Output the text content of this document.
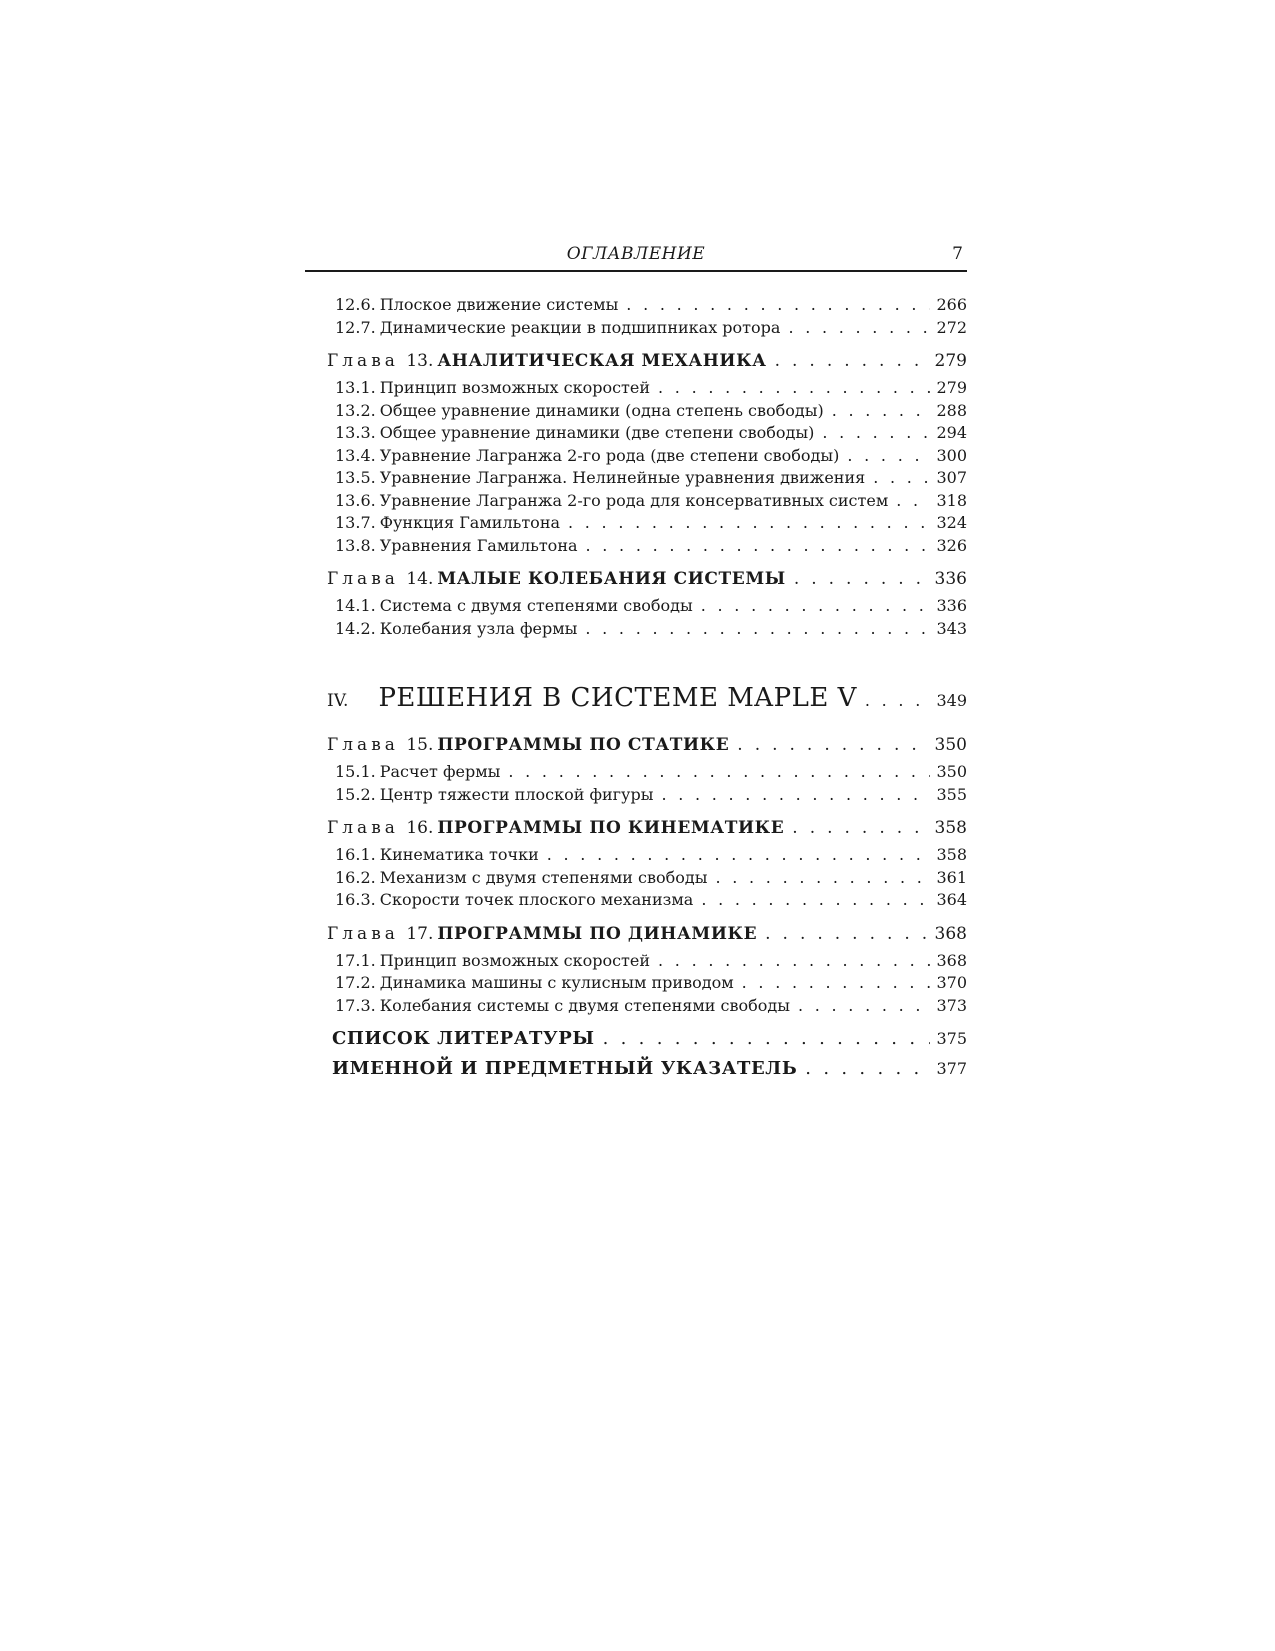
ОГЛАВЛЕНИЕ	7
12.6. Плоское движение системы . . .	266
12.7. Динамические реакции в подшипниках ротора . . .	272
Глава 13. АНАЛИТИЧЕСКАЯ МЕХАНИКА . . .	279
13.1. Принцип возможных скоростей . . .	279
13.2. Общее уравнение динамики (одна степень свободы) . . .	288
13.3. Общее уравнение динамики (две степени свободы) . . .	294
13.4. Уравнение Лагранжа 2-го рода (две степени свободы) . . .	300
13.5. Уравнение Лагранжа. Нелинейные уравнения движения . . .	307
13.6. Уравнение Лагранжа 2-го рода для консервативных систем . . .	318
13.7. Функция Гамильтона . . .	324
13.8. Уравнения Гамильтона . . .	326
Глава 14. МАЛЫЕ КОЛЕБАНИЯ СИСТЕМЫ . . .	336
14.1. Система с двумя степенями свободы . . .	336
14.2. Колебания узла фермы . . .	343
IV. РЕШЕНИЯ В СИСТЕМЕ MAPLE V . . .	349
Глава 15. ПРОГРАММЫ ПО СТАТИКЕ . . .	350
15.1. Расчет фермы . . .	350
15.2. Центр тяжести плоской фигуры . . .	355
Глава 16. ПРОГРАММЫ ПО КИНЕМАТИКЕ . . .	358
16.1. Кинематика точки . . .	358
16.2. Механизм с двумя степенями свободы . . .	361
16.3. Скорости точек плоского механизма . . .	364
Глава 17. ПРОГРАММЫ ПО ДИНАМИКЕ . . .	368
17.1. Принцип возможных скоростей . . .	368
17.2. Динамика машины с кулисным приводом . . .	370
17.3. Колебания системы с двумя степенями свободы . . .	373
СПИСОК ЛИТЕРАТУРЫ . . .	375
ИМЕННОЙ И ПРЕДМЕТНЫЙ УКАЗАТЕЛЬ . . .	377
